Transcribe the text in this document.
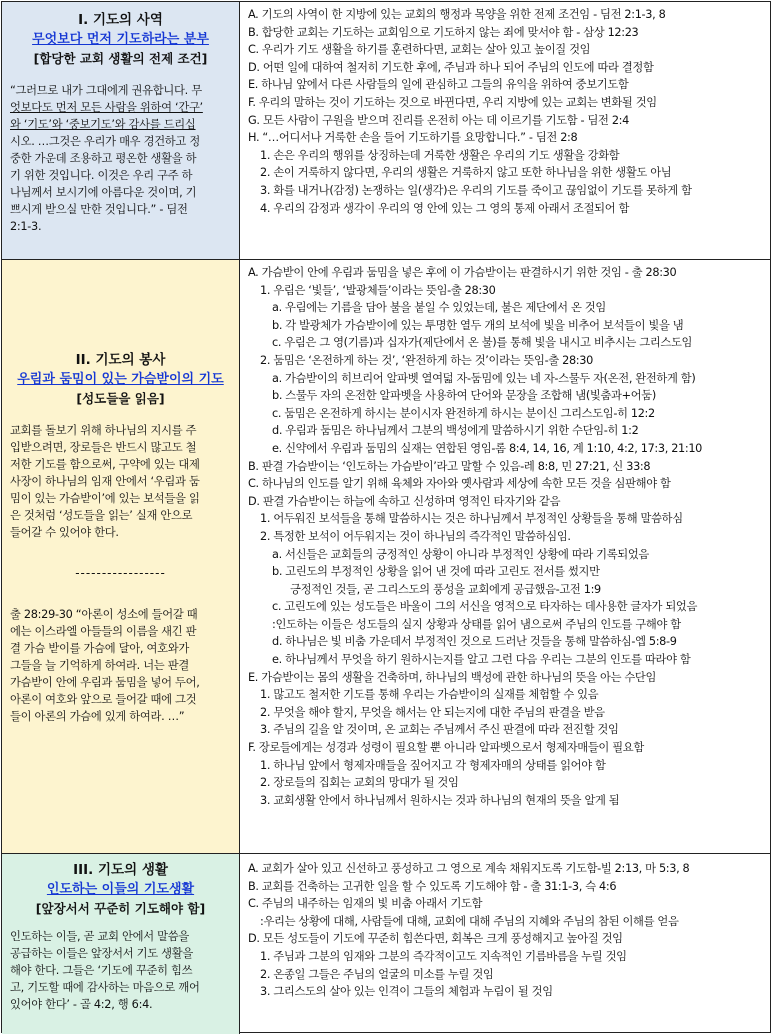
I. 기도의 사역
무엇보다 먼저 기도하라는 분부
[합당한 교회 생활의 전제 조건]

“그러므로 내가 그대에게 권유합니다. 무

엇보다도 먼저 모든 사람을 위하여 ‘간구’

와 ‘기도’와 ‘중보기도’와 감사를 드리십

시오. …그것은 우리가 매우 경건하고 정

중한 가운데 조용하고 평온한 생활을 하

기 위한 것입니다. 이것은 우리 구주 하

나님께서 보시기에 아름다운 것이며, 기

쁘시게 받으실 만한 것입니다.” - 딤전

2:1-3.

A. 기도의 사역이 한 지방에 있는 교회의 행정과 목양을 위한 전제 조건임 - 딤전 2:1-3, 8
B. 합당한 교회는 기도하는 교회임으로 기도하지 않는 죄에 맞서야 함 - 삼상 12:23
C. 우리가 기도 생활을 하기를 훈련하다면, 교회는 살아 있고 높이질 것임
D. 어떤 일에 대하여 철저히 기도한 후에, 주님과 하나 되어 주님의 인도에 따라 결정함
E. 하나님 앞에서 다른 사람들의 일에 관심하고 그들의 유익을 위하여 중보기도함
F. 우리의 말하는 것이 기도하는 것으로 바뀐다면, 우리 지방에 있는 교회는 변화될 것임
G. 모든 사람이 구원을 받으며 진리를 온전히 아는 데 이르기를 기도함 - 딤전 2:4
H. “…어디서나 거룩한 손을 들어 기도하기를 요망합니다.” - 딤전 2:8
1. 손은 우리의 행위를 상징하는데 거룩한 생활은 우리의 기도 생활을 강화함
2. 손이 거룩하지 않다면, 우리의 생활은 거룩하지 않고 또한 하나님을 위한 생활도 아님
3. 화를 내거나(감정) 논쟁하는 일(생각)은 우리의 기도를 죽이고 끊임없이 기도를 못하게 함
4. 우리의 감정과 생각이 우리의 영 안에 있는 그 영의 통제 아래서 조절되어 함
II. 기도의 봉사
우림과 둠밈이 있는 가슴받이의 기도
[성도들을 읽음]

교회를 돌보기 위해 하나님의 지시를 주

입받으려면, 장로들은 반드시 많고도 철

저한 기도를 함으로써, 구약에 있는 대제

사장이 하나님의 임재 안에서 ‘우림과 둠

밈이 있는 가슴받이’에 있는 보석들을 읽

은 것처럼 ‘성도들을 읽는’ 실재 안으로

들어갈 수 있어야 한다.

-----------------

출 28:29-30 “아론이 성소에 들어갈 때

에는 이스라엘 아들들의 이름을 새긴 판

결 가슴 받이를 가슴에 달아, 여호와가

그들을 늘 기억하게 하여라. 너는 판결

가슴받이 안에 우림과 둠밈을 넣어 두어,

아론이 여호와 앞으로 들어갈 때에 그것

들이 아론의 가슴에 있게 하여라. …”

A. 가슴받이 안에 우림과 둠밈을 넣은 후에 이 가슴받이는 판결하시기 위한 것임 - 출 28:30
1. 우림은 ‘빛들’, ‘발광체들’이라는 뜻임-출 28:30
a. 우림에는 기름을 담아 불을 붙일 수 있었는데, 불은 제단에서 온 것임
b. 각 발광체가 가슴받이에 있는 투명한 열두 개의 보석에 빛을 비추어 보석들이 빛을 냄
c. 우림은 그 영(기름)과 십자가(제단에서 온 불)를 통해 빛을 내시고 비추시는 그리스도임
2. 둠밈은 ‘온전하게 하는 것’, ‘완전하게 하는 것’이라는 뜻임-출 28:30
a. 가슴받이의 히브리어 알파벳 열여덟 자-둠밈에 있는 네 자-스물두 자(온전, 완전하게 함)
b. 스물두 자의 온전한 알파벳을 사용하여 단어와 문장을 조합해 냄(빛춤과+어둠)
c. 둠밈은 온전하게 하시는 분이시자 완전하게 하시는 분이신 그리스도임-히 12:2
d. 우림과 둠밈은 하나님께서 그분의 백성에게 말씀하시기 위한 수단임-히 1:2
e. 신약에서 우림과 둠밈의 실재는 연합된 영임-롬 8:4, 14, 16, 계 1:10, 4:2, 17:3, 21:10
B. 판결 가슴받이는 ‘인도하는 가슴받이’라고 말할 수 있음-레 8:8, 민 27:21, 신 33:8
C. 하나님의 인도를 알기 위해 육체와 자아와 옛사람과 세상에 속한 모든 것을 심판해야 함
D. 판결 가슴받이는 하늘에 속하고 신성하며 영적인 타자기와 같음
1. 어두워진 보석들을 통해 말씀하시는 것은 하나님께서 부정적인 상황들을 통해 말씀하심
2. 특정한 보석이 어두워지는 것이 하나님의 즉각적인 말씀하심임.
a. 서신들은 교회들의 긍정적인 상황이 아니라 부정적인 상황에 따라 기록되었음
b. 고린도의 부정적인 상황을 읽어 낸 것에 따라 고린도 전서를 썼지만
긍정적인 것들, 곧 그리스도의 풍성을 교회에게 공급했음-고전 1:9
c. 고린도에 있는 성도들은 바울이 그의 서신을 영적으로 타자하는 데사용한 글자가 되었음
:인도하는 이들은 성도들의 실지 상황과 상태를 읽어 냄으로써 주님의 인도를 구해야 함
d. 하나님은 빛 비춤 가운데서 부정적인 것으로 드러난 것들을 통해 말씀하심-엡 5:8-9
e. 하나님께서 무엇을 하기 원하시는지를 알고 그런 다음 우리는 그분의 인도를 따라야 함
E. 가슴받이는 몸의 생활을 건축하며, 하나님의 백성에 관한 하나님의 뜻을 아는 수단임
1. 많고도 철저한 기도를 통해 우리는 가슴받이의 실재를 체험할 수 있음
2. 무엇을 해야 할지, 무엇을 해서는 안 되는지에 대한 주님의 판결을 받음
3. 주님의 길을 알 것이며, 온 교회는 주님께서 주신 판결에 따라 전진할 것임
F. 장로들에게는 성경과 성령이 필요할 뿐 아니라 알파벳으로서 형제자매들이 필요함
1. 하나님 앞에서 형제자매들을 짚어지고 각 형제자매의 상태를 읽어야 함
2. 장로들의 집회는 교회의 망대가 될 것임
3. 교회생활 안에서 하나님께서 원하시는 것과 하나님의 현재의 뜻을 알게 됨
III. 기도의 생활
인도하는 이들의 기도생활
[앞장서서 꾸준히 기도해야 함]

인도하는 이들, 곧 교회 안에서 말씀을

공급하는 이들은 앞장서서 기도 생활을

해야 한다. 그들은 ‘기도에 꾸준히 힘쓰

고, 기도할 때에 감사하는 마음으로 깨어

있어야 한다’ - 골 4:2, 행 6:4.

A. 교회가 살아 있고 신선하고 풍성하고 그 영으로 계속 채워지도록 기도함-빌 2:13, 마 5:3, 8
B. 교회를 건축하는 고귀한 일을 할 수 있도록 기도해야 함 - 출 31:1-3, 슥 4:6
C. 주님의 내주하는 임재의 빛 비춤 아래서 기도함
:우리는 상황에 대해, 사람들에 대해, 교회에 대해 주님의 지혜와 주님의 참된 이해를 얻음
D. 모든 성도들이 기도에 꾸준히 힘쓴다면, 회복은 크게 풍성해지고 높아질 것임
1. 주님과 그분의 임재와 그분의 즉각적이고도 지속적인 기름바름을 누릴 것임
2. 온종일 그들은 주님의 얼굴의 미소를 누릴 것임
3. 그리스도의 살아 있는 인격이 그들의 체험과 누림이 될 것임
